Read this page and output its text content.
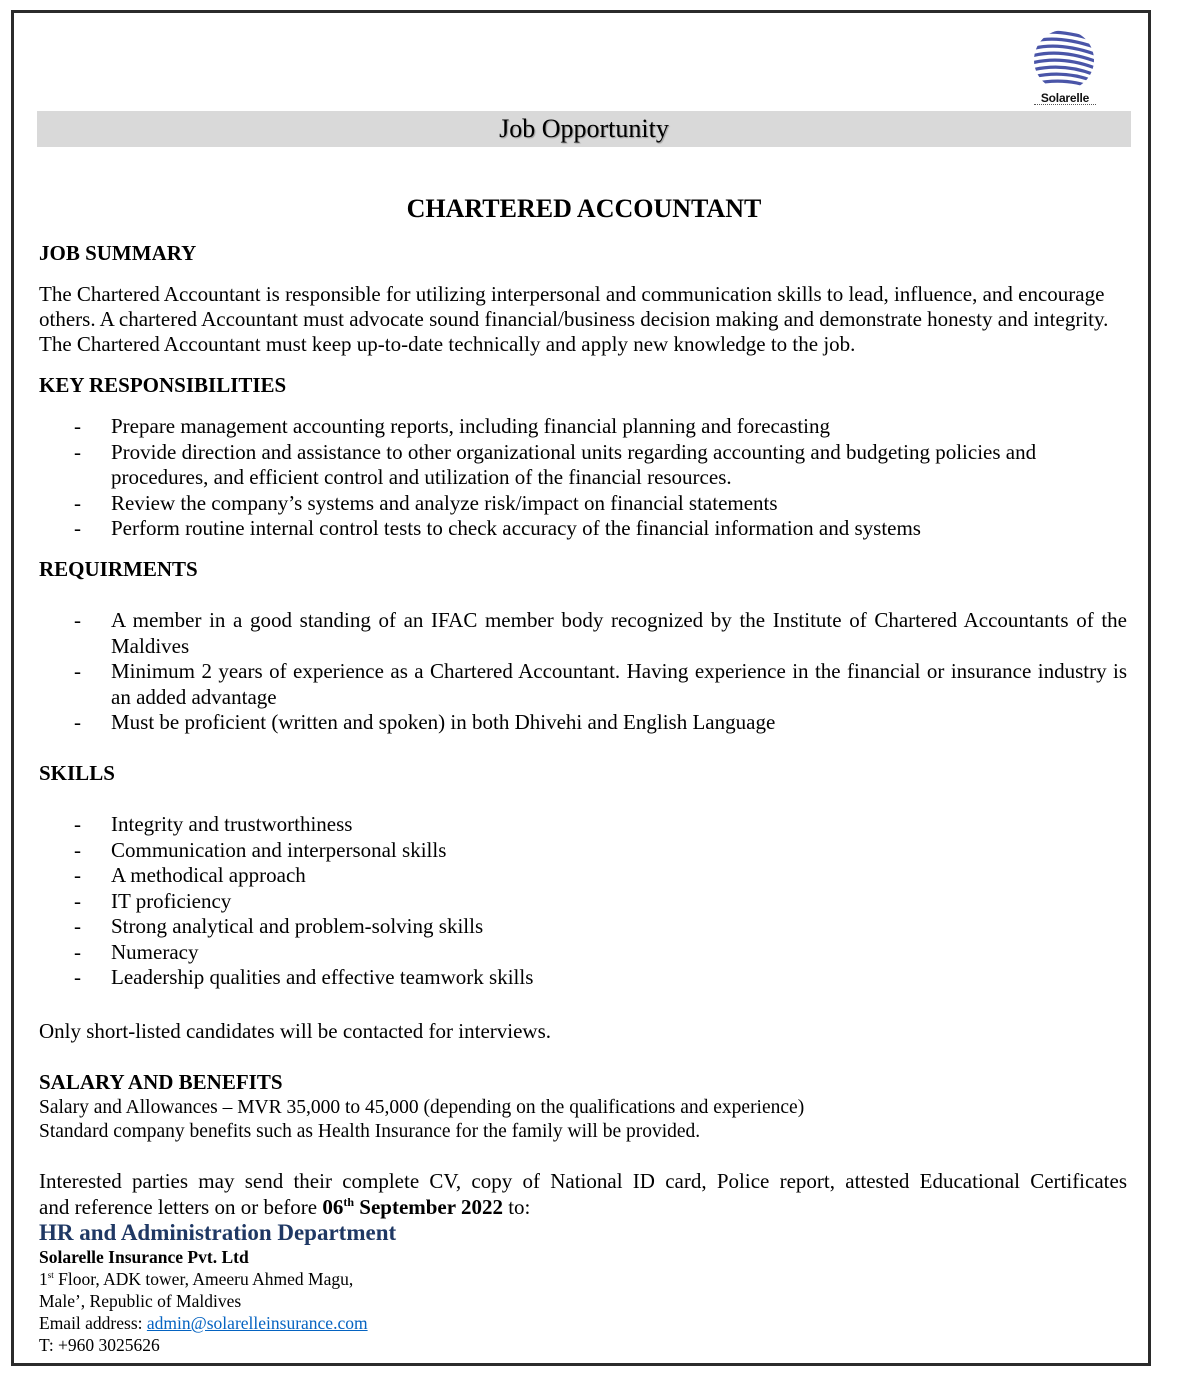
Solarelle
Job Opportunity
CHARTERED ACCOUNTANT
JOB SUMMARY
The Chartered Accountant is responsible for utilizing interpersonal and communication skills to lead, influence, and encourage others. A chartered Accountant must advocate sound financial/business decision making and demonstrate honesty and integrity. The Chartered Accountant must keep up-to-date technically and apply new knowledge to the job.
KEY RESPONSIBILITIES
- Prepare management accounting reports, including financial planning and forecasting
- Provide direction and assistance to other organizational units regarding accounting and budgeting policies and procedures, and efficient control and utilization of the financial resources.
- Review the company’s systems and analyze risk/impact on financial statements
- Perform routine internal control tests to check accuracy of the financial information and systems
REQUIRMENTS
- A member in a good standing of an IFAC member body recognized by the Institute of Chartered Accountants of the Maldives
- Minimum 2 years of experience as a Chartered Accountant. Having experience in the financial or insurance industry is an added advantage
- Must be proficient (written and spoken) in both Dhivehi and English Language
SKILLS
- Integrity and trustworthiness
- Communication and interpersonal skills
- A methodical approach
- IT proficiency
- Strong analytical and problem-solving skills
- Numeracy
- Leadership qualities and effective teamwork skills
Only short-listed candidates will be contacted for interviews.
SALARY AND BENEFITS
Salary and Allowances – MVR 35,000 to 45,000 (depending on the qualifications and experience)
Standard company benefits such as Health Insurance for the family will be provided.
Interested parties may send their complete CV, copy of National ID card, Police report, attested Educational Certificates
and reference letters on or before 06th September 2022 to:
HR and Administration Department
Solarelle Insurance Pvt. Ltd
1st Floor, ADK tower, Ameeru Ahmed Magu,
Male’, Republic of Maldives
Email address: admin@solarelleinsurance.com
T: +960 3025626
